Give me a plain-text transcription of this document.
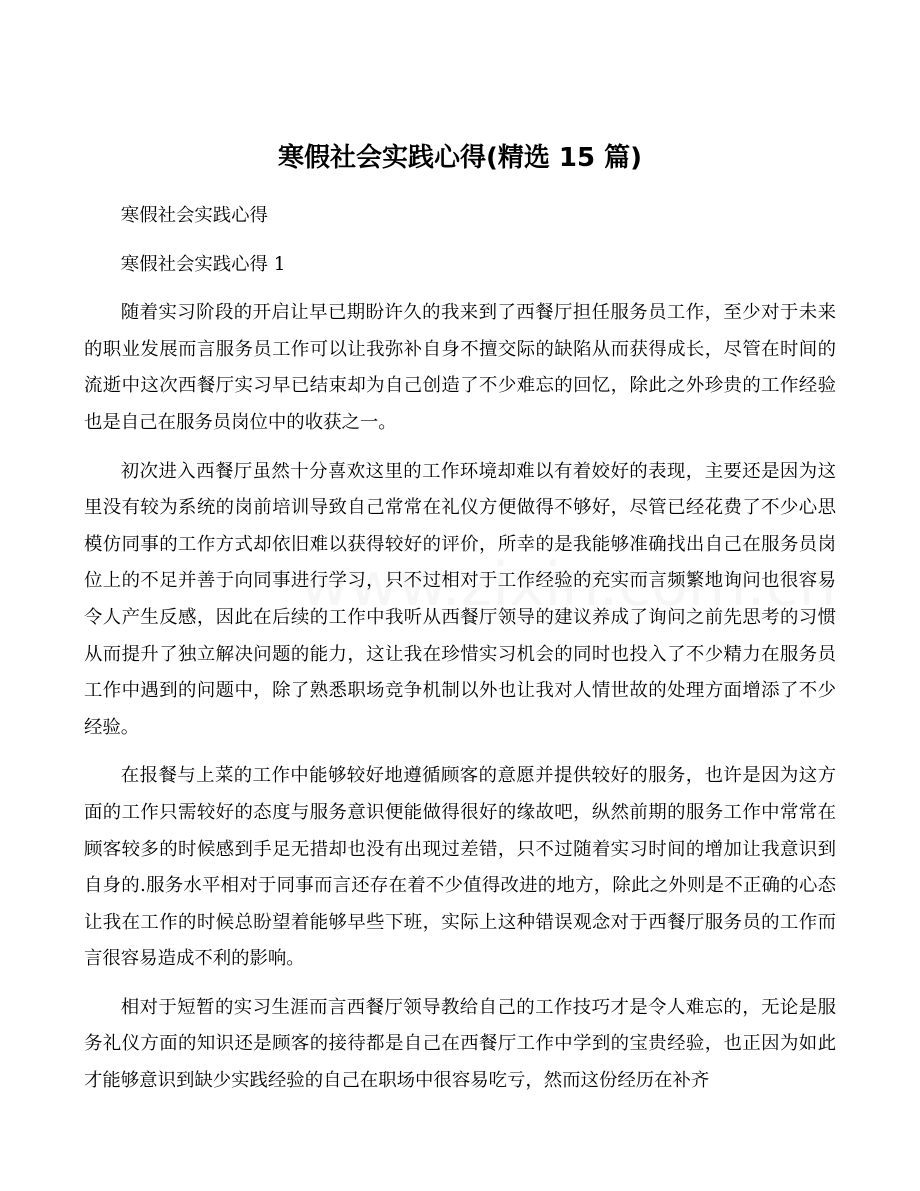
寒假社会实践心得(精选 15 篇)

寒假社会实践心得

寒假社会实践心得 1

随着实习阶段的开启让早已期盼许久的我来到了西餐厅担任服务员工作，至少对于未来的职业发展而言服务员工作可以让我弥补自身不擅交际的缺陷从而获得成长，尽管在时间的流逝中这次西餐厅实习早已结束却为自己创造了不少难忘的回忆，除此之外珍贵的工作经验也是自己在服务员岗位中的收获之一。

初次进入西餐厅虽然十分喜欢这里的工作环境却难以有着姣好的表现，主要还是因为这里没有较为系统的岗前培训导致自己常常在礼仪方便做得不够好，尽管已经花费了不少心思模仿同事的工作方式却依旧难以获得较好的评价，所幸的是我能够准确找出自己在服务员岗位上的不足并善于向同事进行学习，只不过相对于工作经验的充实而言频繁地询问也很容易令人产生反感，因此在后续的工作中我听从西餐厅领导的建议养成了询问之前先思考的习惯从而提升了独立解决问题的能力，这让我在珍惜实习机会的同时也投入了不少精力在服务员工作中遇到的问题中，除了熟悉职场竞争机制以外也让我对人情世故的处理方面增添了不少经验。

在报餐与上菜的工作中能够较好地遵循顾客的意愿并提供较好的服务，也许是因为这方面的工作只需较好的态度与服务意识便能做得很好的缘故吧，纵然前期的服务工作中常常在顾客较多的时候感到手足无措却也没有出现过差错，只不过随着实习时间的增加让我意识到自身的.服务水平相对于同事而言还存在着不少值得改进的地方，除此之外则是不正确的心态让我在工作的时候总盼望着能够早些下班，实际上这种错误观念对于西餐厅服务员的工作而言很容易造成不利的影响。

相对于短暂的实习生涯而言西餐厅领导教给自己的工作技巧才是令人难忘的，无论是服务礼仪方面的知识还是顾客的接待都是自己在西餐厅工作中学到的宝贵经验，也正因为如此才能够意识到缺少实践经验的自己在职场中很容易吃亏，然而这份经历在补齐
